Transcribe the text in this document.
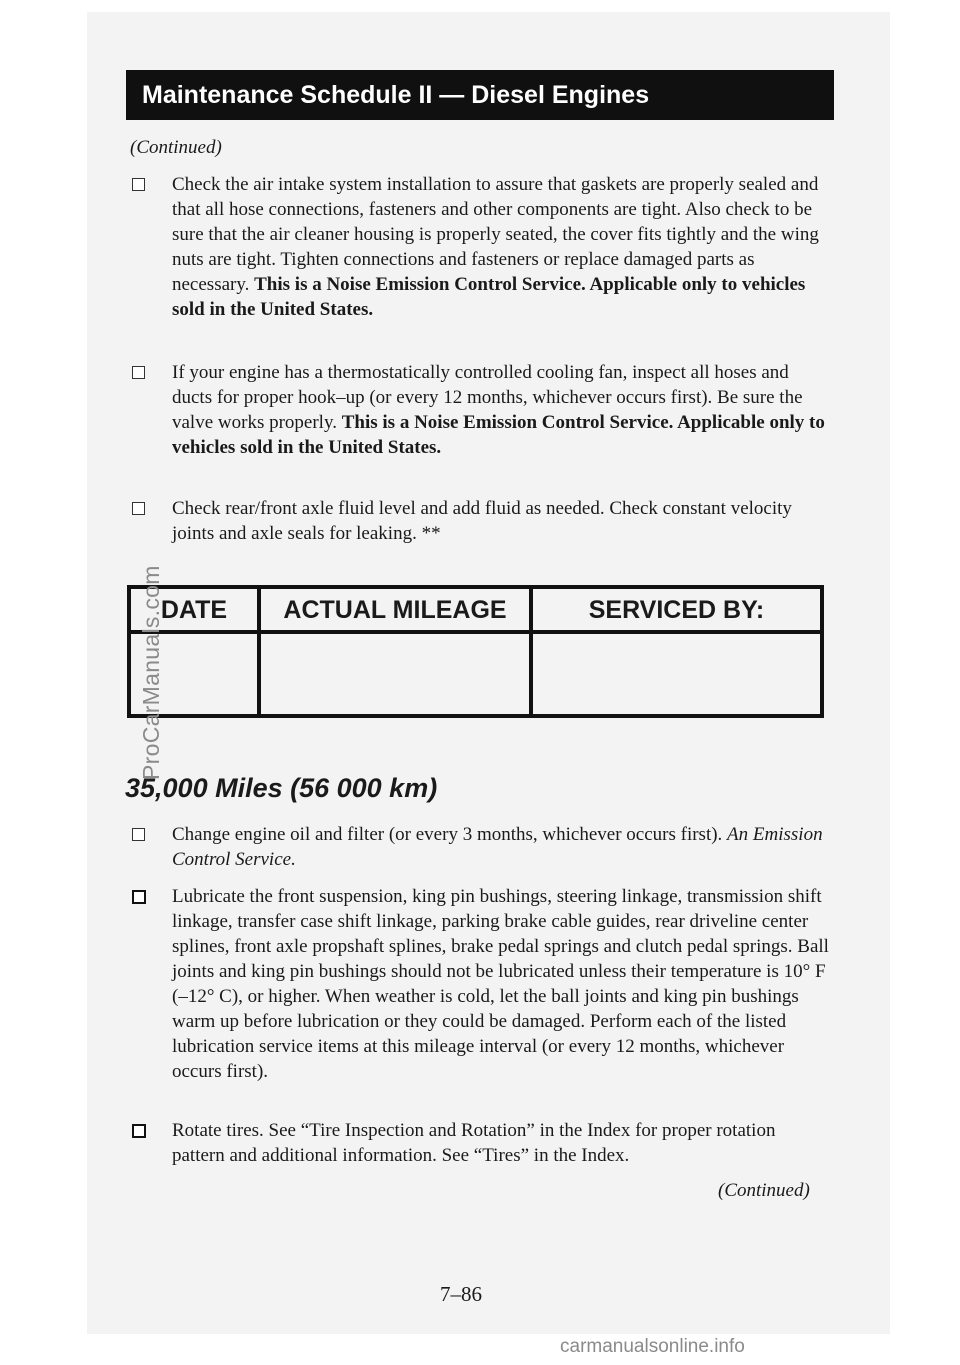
Maintenance Schedule II — Diesel Engines
(Continued)
Check the air intake system installation to assure that gaskets are properly sealed and that all hose connections, fasteners and other components are tight. Also check to be sure that the air cleaner housing is properly seated, the cover fits tightly and the wing nuts are tight. Tighten connections and fasteners or replace damaged parts as necessary. This is a Noise Emission Control Service. Applicable only to vehicles sold in the United States.
If your engine has a thermostatically controlled cooling fan, inspect all hoses and ducts for proper hook–up (or every 12 months, whichever occurs first). Be sure the valve works properly. This is a Noise Emission Control Service. Applicable only to vehicles sold in the United States.
Check rear/front axle fluid level and add fluid as needed. Check constant velocity joints and axle seals for leaking. **
DATE	ACTUAL MILEAGE	SERVICED BY:
35,000 Miles (56 000 km)
Change engine oil and filter (or every 3 months, whichever occurs first). An Emission Control Service.
Lubricate the front suspension, king pin bushings, steering linkage, transmission shift linkage, transfer case shift linkage, parking brake cable guides, rear driveline center splines, front axle propshaft splines, brake pedal springs and clutch pedal springs. Ball joints and king pin bushings should not be lubricated unless their temperature is 10° F (–12° C), or higher. When weather is cold, let the ball joints and king pin bushings warm up before lubrication or they could be damaged. Perform each of the listed lubrication service items at this mileage interval (or every 12 months, whichever occurs first).
Rotate tires. See “Tire Inspection and Rotation” in the Index for proper rotation pattern and additional information. See “Tires” in the Index.
(Continued)
7–86
ProCarManuals.com
carmanualsonline.info
